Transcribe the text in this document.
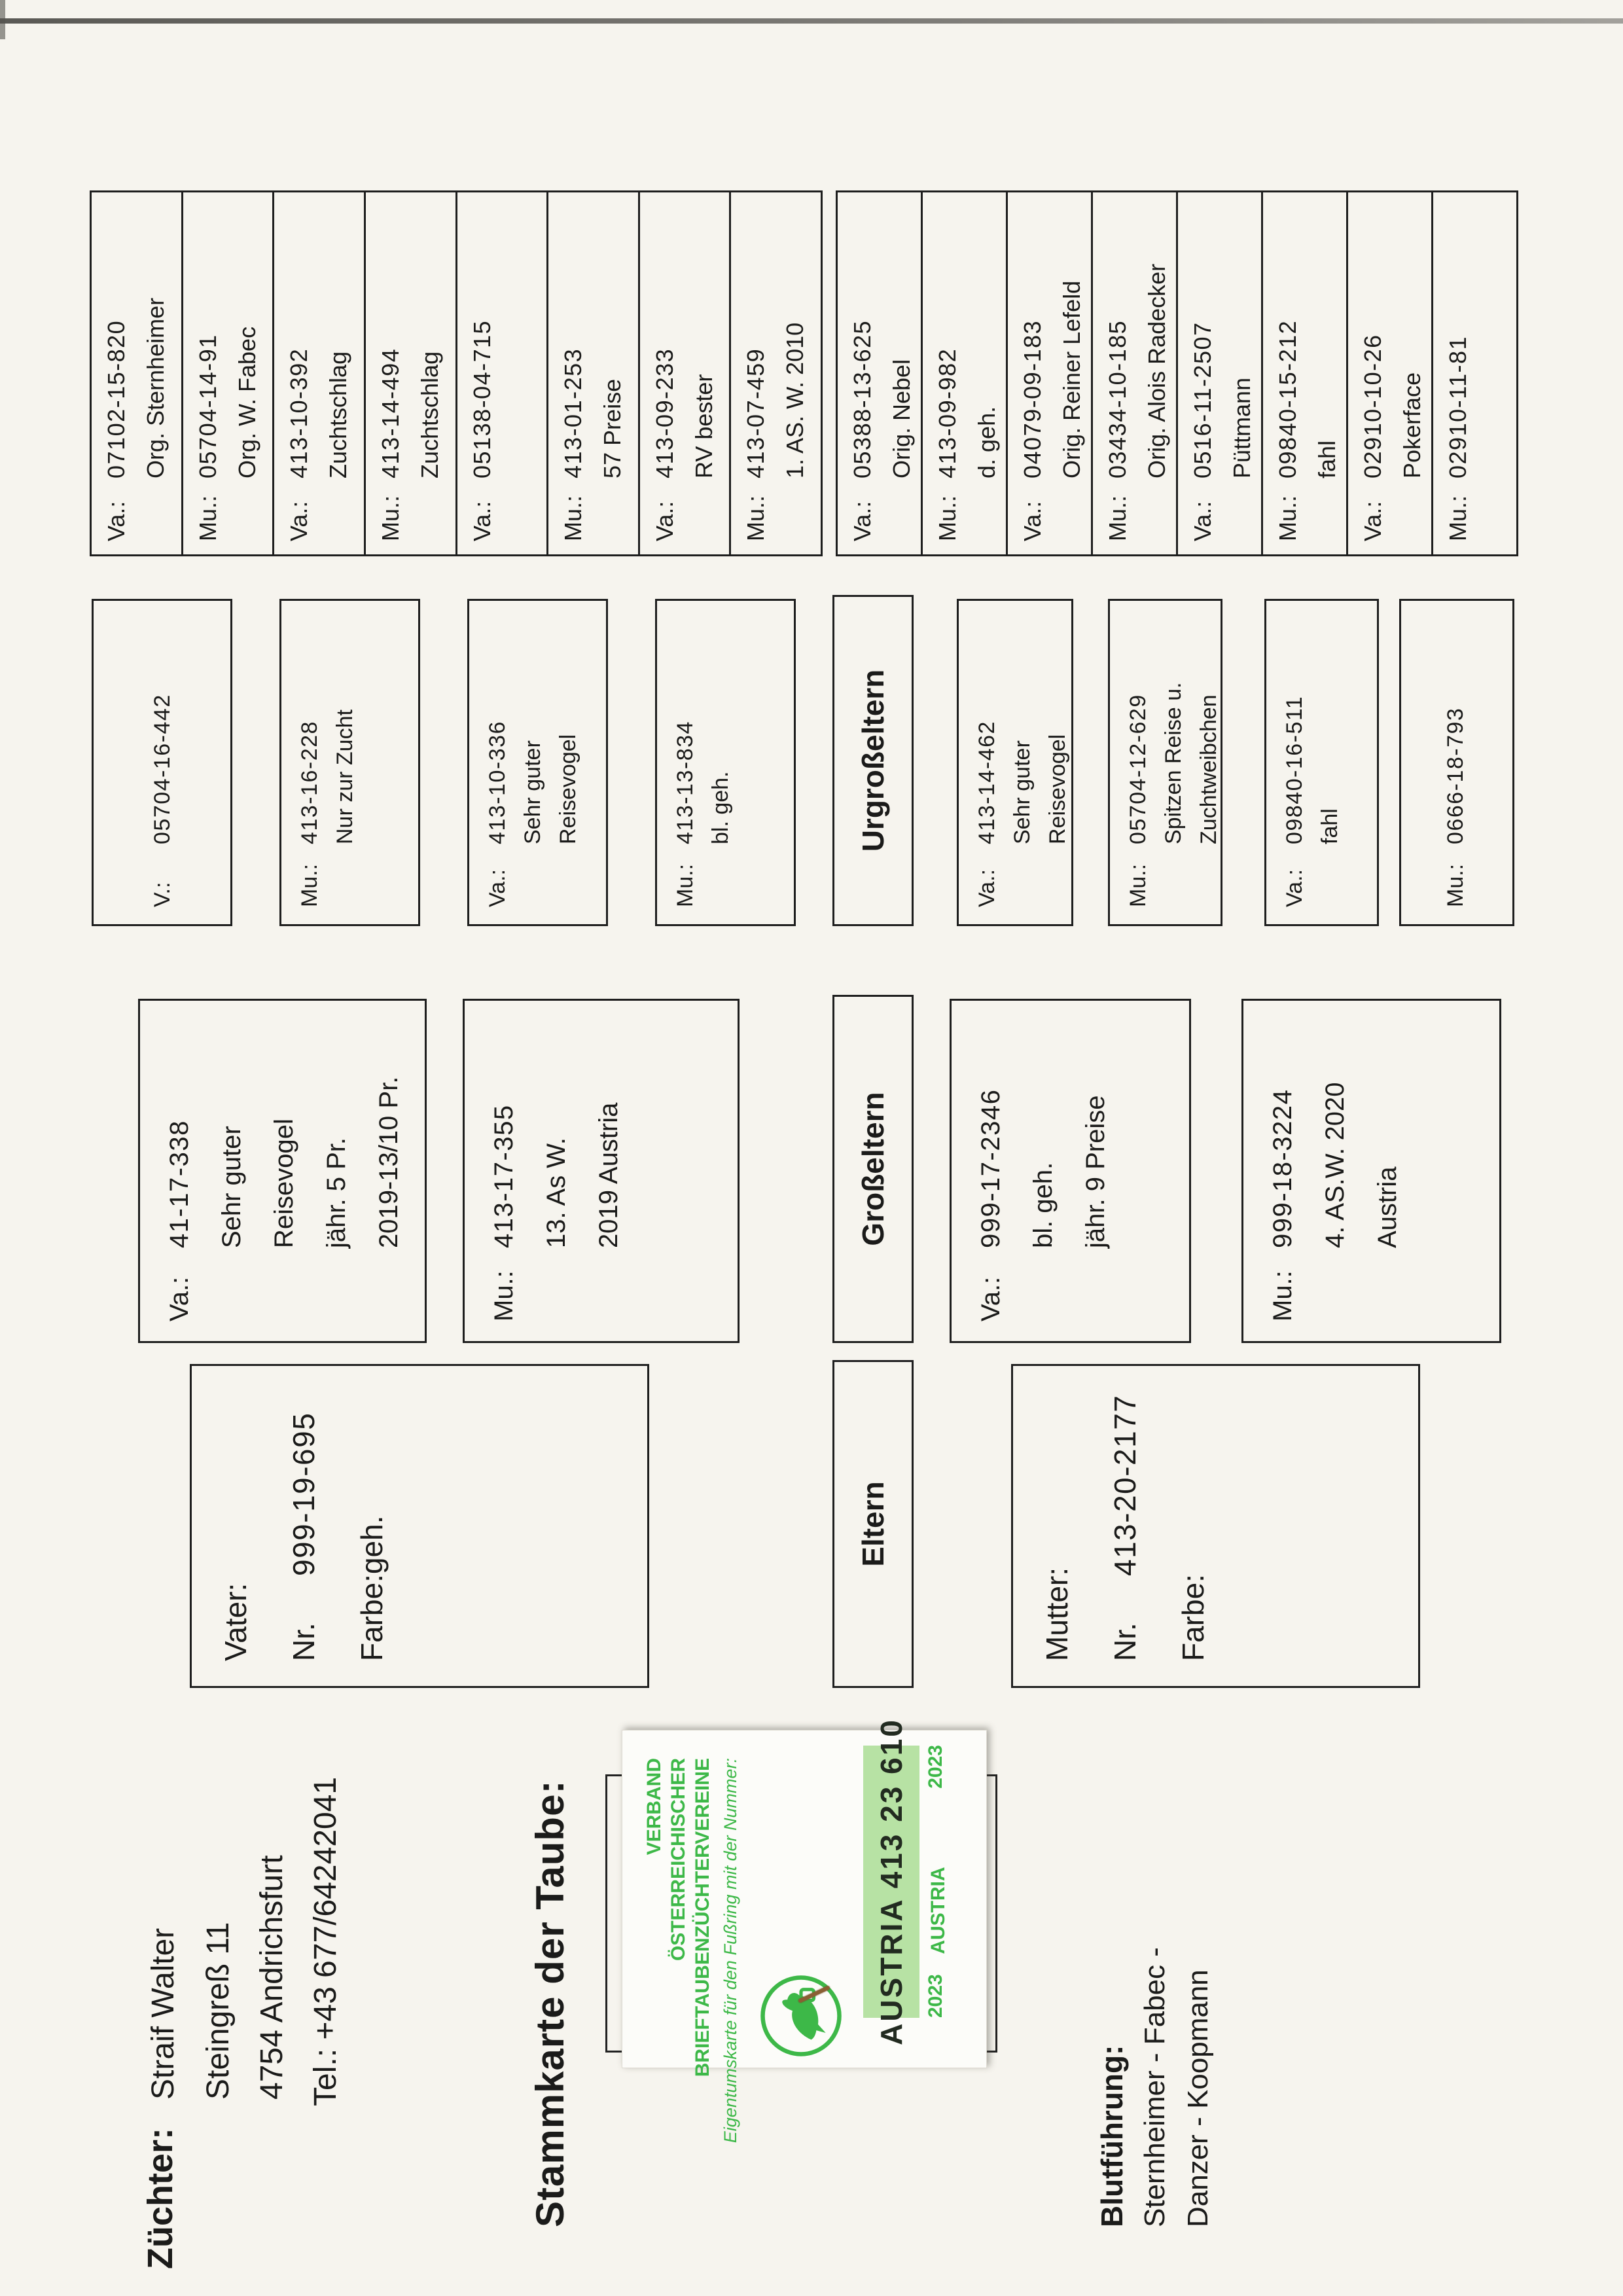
Züchter:
Straif Walter Steingreß 11 4754 Andrichsfurt Tel.: +43 677/64242041	Stammkarte der Taube:	VERBAND ÖSTERREICHISCHER BRIEFTAUBENZÜCHTERVEREINE Eigentumskarte für den Fußring mit der Nummer:	AUSTRIA 413 23 610 2023
AUSTRIA
2023
Blutführung: Sternheimer - Fabec - Danzer - Koopmann
Eltern
Großeltern
Urgroßeltern
Vater: Nr.999-19-695
Farbe:geh.
Mutter: Nr.413-20-2177
Farbe:
Va.:41-17-338 Sehr guter Reisevogel jähr. 5 Pr. 2019-13/10 Pr.
Mu.:413-17-355 13. As W. 2019 Austria
Va.:999-17-2346 bl. geh. jähr. 9 Preise
Mu.:999-18-3224 4. AS.W. 2020 Austria
V.:05704-16-442
Mu.:413-16-228 Nur zur Zucht
Va.:413-10-336 Sehr guter Reisevogel
Mu.:413-13-834 bl. geh.
Va.:413-14-462 Sehr guter Reisevogel
Mu.:05704-12-629 Spitzen Reise u. Zuchtweibchen
Va.:09840-16-511 fahl
Mu.:0666-18-793
Va.:07102-15-820 Org. Sternheimer
Mu.:05704-14-91 Org. W. Fabec
Va.:413-10-392 Zuchtschlag
Mu.:413-14-494 Zuchtschlag
Va.:05138-04-715
Mu.:413-01-253 57 Preise
Va.:413-09-233 RV bester
Mu.:413-07-459 1. AS. W. 2010
Va.:05388-13-625 Orig. Nebel
Mu.:413-09-982 d. geh.
Va.:04079-09-183 Orig. Reiner Lefeld
Mu.:03434-10-185 Orig. Alois Radecker
Va.:0516-11-2507 Püttmann
Mu.:09840-15-212 fahl
Va.:02910-10-26 Pokerface
Mu.:02910-11-81
